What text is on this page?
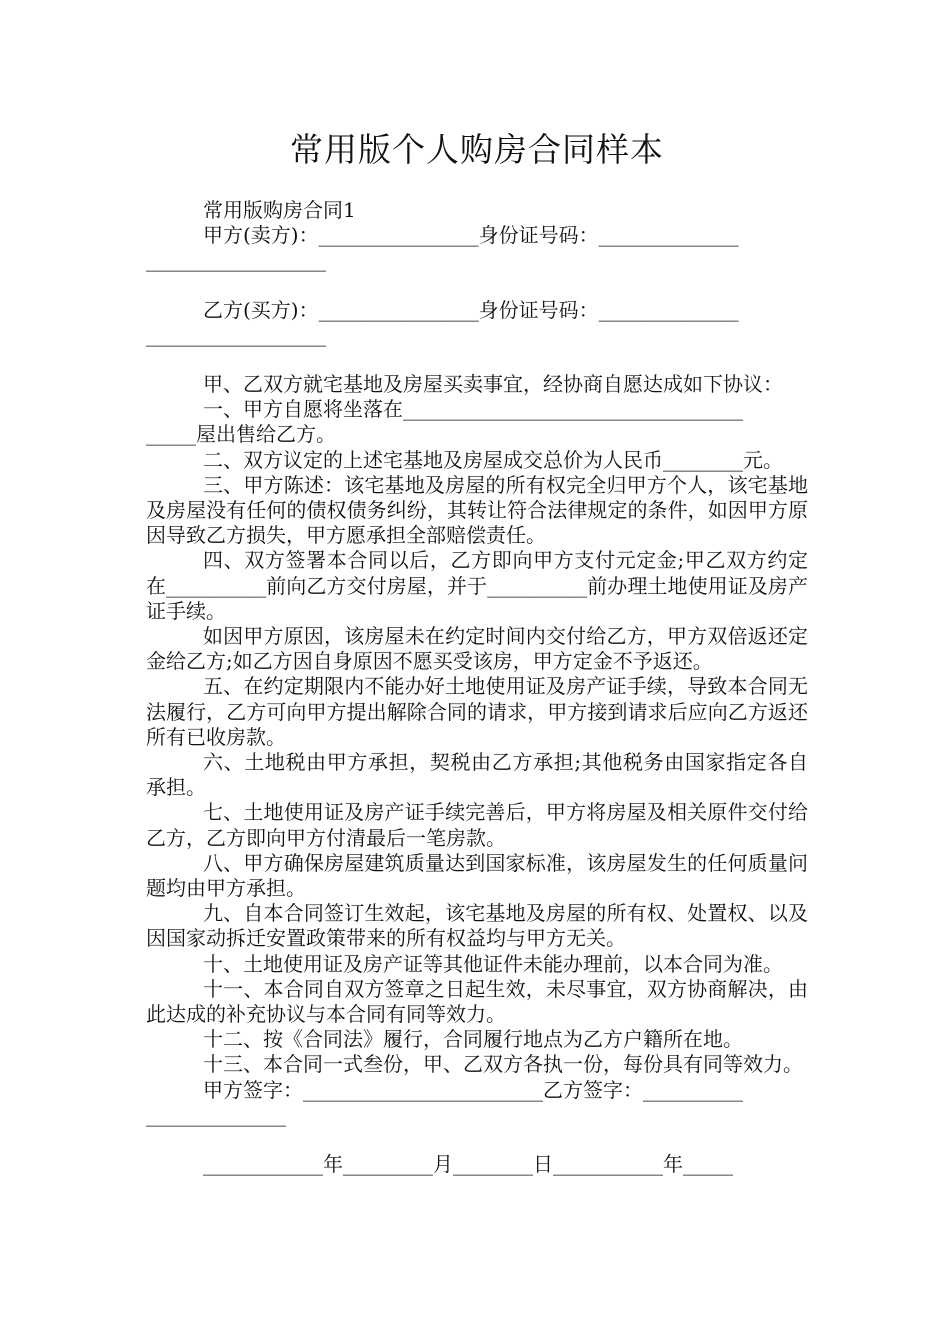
常用版个人购房合同样本

常用版购房合同1

甲方(卖方)：________________身份证号码：______________

__________________

乙方(买方)：________________身份证号码：______________

__________________

甲、乙双方就宅基地及房屋买卖事宜，经协商自愿达成如下协议：

一、甲方自愿将坐落在__________________________________

_____屋出售给乙方。

二、双方议定的上述宅基地及房屋成交总价为人民币________元。

三、甲方陈述：该宅基地及房屋的所有权完全归甲方个人，该宅基地及房屋没有任何的债权债务纠纷，其转让符合法律规定的条件，如因甲方原因导致乙方损失，甲方愿承担全部赔偿责任。

四、双方签署本合同以后，乙方即向甲方支付元定金;甲乙双方约定在__________前向乙方交付房屋，并于__________前办理土地使用证及房产证手续。

如因甲方原因，该房屋未在约定时间内交付给乙方，甲方双倍返还定金给乙方;如乙方因自身原因不愿买受该房，甲方定金不予返还。

五、在约定期限内不能办好土地使用证及房产证手续，导致本合同无法履行，乙方可向甲方提出解除合同的请求，甲方接到请求后应向乙方返还所有已收房款。

六、土地税由甲方承担，契税由乙方承担;其他税务由国家指定各自承担。

七、土地使用证及房产证手续完善后，甲方将房屋及相关原件交付给乙方，乙方即向甲方付清最后一笔房款。

八、甲方确保房屋建筑质量达到国家标准，该房屋发生的任何质量问题均由甲方承担。

九、自本合同签订生效起，该宅基地及房屋的所有权、处置权、以及因国家动拆迁安置政策带来的所有权益均与甲方无关。

十、土地使用证及房产证等其他证件未能办理前，以本合同为准。

十一、本合同自双方签章之日起生效，未尽事宜，双方协商解决，由此达成的补充协议与本合同有同等效力。

十二、按《合同法》履行，合同履行地点为乙方户籍所在地。

十三、本合同一式叁份，甲、乙双方各执一份，每份具有同等效力。

甲方签字：________________________乙方签字：__________

______________

____________年_________月________日___________年_____
